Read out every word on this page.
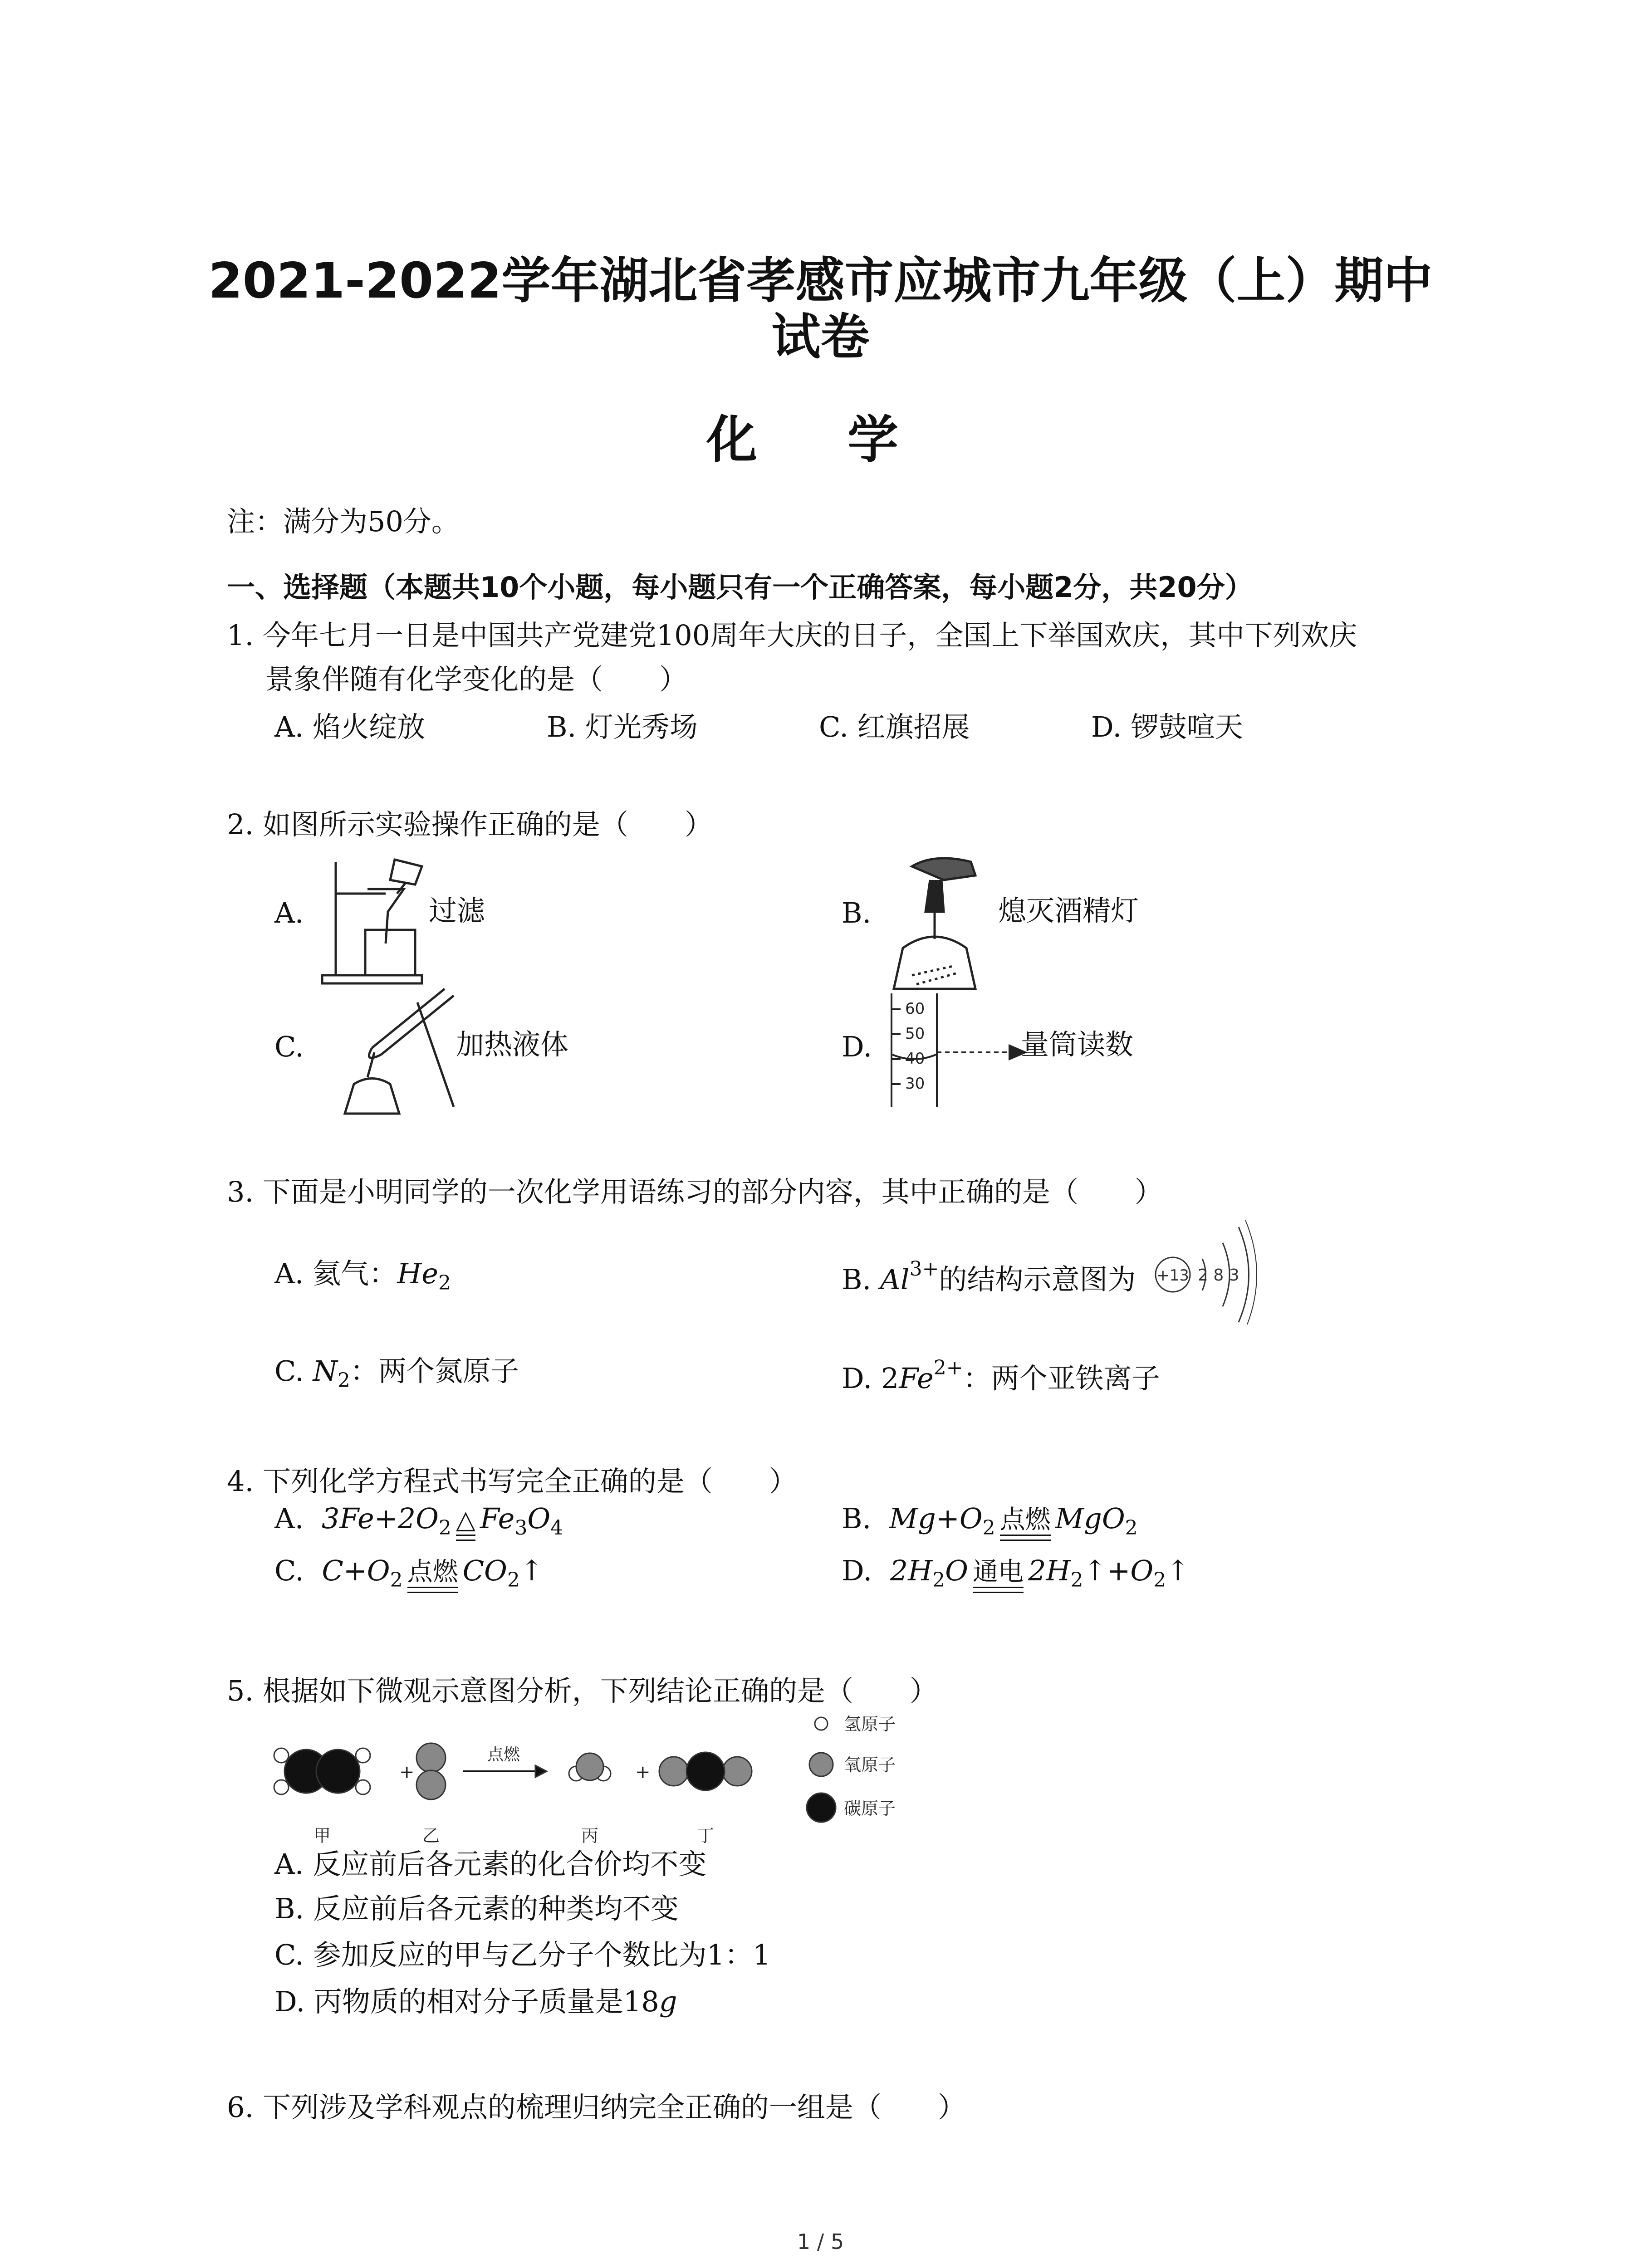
2021-2022学年湖北省孝感市应城市九年级（上）期中
试卷
化 学
注：满分为50分。
一、选择题（本题共10个小题，每小题只有一个正确答案，每小题2分，共20分）
1. 今年七月一日是中国共产党建党100周年大庆的日子，全国上下举国欢庆，其中下列欢庆
景象伴随有化学变化的是（　　）
A. 焰火绽放	B. 灯光秀场	C. 红旗招展	D. 锣鼓喧天
2. 如图所示实验操作正确的是（　　）
A.	过滤	B.	熄灭酒精灯
C.	加热液体	D.
60
50
40
30
量筒读数
3. 下面是小明同学的一次化学用语练习的部分内容，其中正确的是（　　）
A. 氦气：$He_2$	B. $Al^{3+}$的结构示意图为 +13 2 8 3
C. $N_2$：两个氮原子	D. $2Fe^{2+}$：两个亚铁离子
4. 下列化学方程式书写完全正确的是（　　）
A. $3Fe+2O_2$ △ $Fe_3O_4$	B. $Mg+O_2$ 点燃 MgO$_2$
C. $C+O_2$ 点燃 $CO_2↑$	D. $2H_2O$ 通电 $2H_2↑+O_2↑$
5. 根据如下微观示意图分析，下列结论正确的是（　　）
+	+
点燃
甲	乙	丙	丁
氢原子
氧原子
碳原子
A. 反应前后各元素的化合价均不变
B. 反应前后各元素的种类均不变
C. 参加反应的甲与乙分子个数比为1：1
D. 丙物质的相对分子质量是18g
6. 下列涉及学科观点的梳理归纳完全正确的一组是（　　）
1 / 5
